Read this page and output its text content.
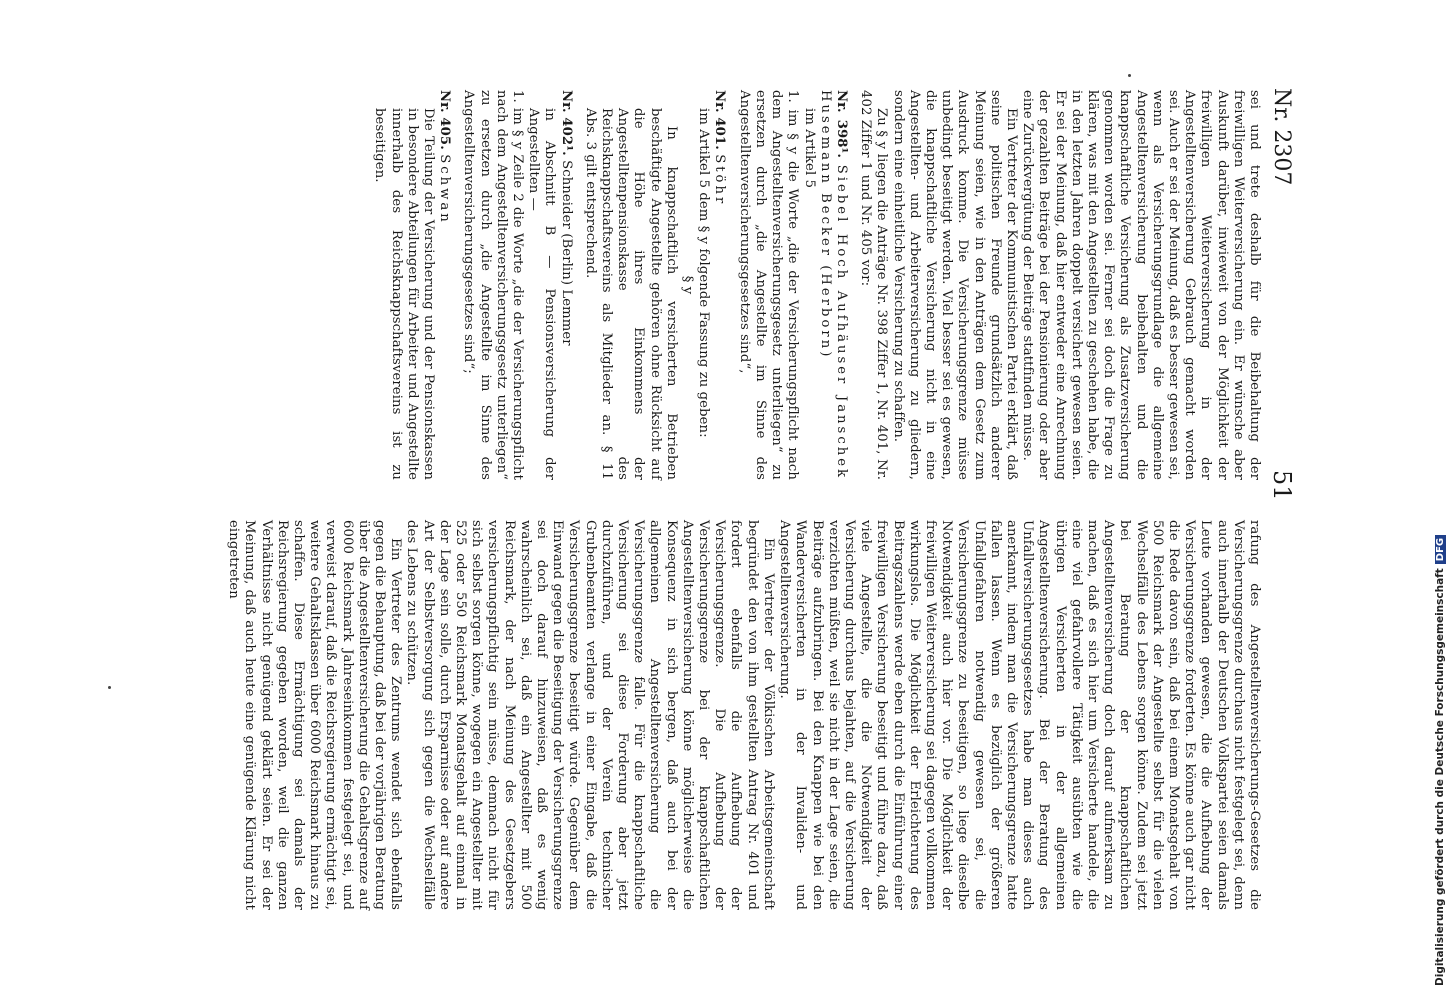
Nr. 2307
51

sei und trete deshalb für die Beibehaltung der freiwilligen Weiterversicherung ein. Er wünsche aber Auskunft darüber, inwieweit von der Möglichkeit der freiwilligen Weiterversicherung in der Angestelltenversicherung Gebrauch gemacht worden sei. Auch er sei der Meinung, daß es besser gewesen sei, wenn als Versicherungsgrundlage die allgemeine Angestelltenversicherung beibehalten und die knappschaftliche Versicherung als Zusatzversicherung genommen worden sei. Ferner sei doch die Frage zu klären, was mit den Angestellten zu geschehen habe, die in den letzten Jahren doppelt versichert gewesen seien. Er sei der Meinung, daß hier entweder eine Anrechnung der gezahlten Beiträge bei der Pensionierung oder aber eine Zurückvergütung der Beiträge stattfinden müsse.

Ein Vertreter der Kommunistischen Partei erklärt, daß seine politischen Freunde grundsätzlich anderer Meinung seien, wie in den Anträgen dem Gesetz zum Ausdruck komme. Die Versicherungsgrenze müsse unbedingt beseitigt werden. Viel besser sei es gewesen, die knappschaftliche Versicherung nicht in eine Angestellten- und Arbeiterversicherung zu gliedern, sondern eine einheitliche Versicherung zu schaffen.

Zu § y liegen die Anträge Nr. 398 Ziffer 1, Nr. 401, Nr. 402 Ziffer 1 und Nr. 405 vor:

Nr. 398¹. Siebel Hoch Aufhäuser Janschek Husemann Becker (Herborn)

im Artikel 5

1. im § y die Worte „die der Versicherungspflicht nach dem Angestelltenversicherungsgesetz unterliegen“ zu ersetzen durch „die Angestellte im Sinne des Angestelltenversicherungsgesetzes sind“,

Nr. 401. Stöhr

im Artikel 5 dem § y folgende Fassung zu geben:

§ y

In knappschaftlich versicherten Betrieben beschäftigte Angestellte gehören ohne Rücksicht auf die Höhe ihres Einkommens der Angestelltenpensionskasse des Reichsknappschaftsvereins als Mitglieder an. § 11 Abs. 3 gilt entsprechend.

Nr. 402¹. Schneider (Berlin) Lemmer

in Abschnitt B — Pensionsversicherung der Angestellten —

1. im § y Zeile 2 die Worte „die der Versicherungspflicht nach dem Angestelltenversicherungsgesetz unterliegen“ zu ersetzen durch „die Angestellte im Sinne des Angestelltenversicherungsgesetzes sind“;

Nr. 405. Schwan

Die Teilung der Versicherung und der Pensionskassen in besondere Abteilungen für Arbeiter und Angestellte innerhalb des Reichsknappschaftsvereins ist zu beseitigen.

rafung des Angestelltenversicherungs-Gesetzes die Versicherungsgrenze durchaus nicht festgelegt sei, denn auch innerhalb der Deutschen Volkspartei seien damals Leute vorhanden gewesen, die die Aufhebung der Versicherungsgrenze forderten. Es könne auch gar nicht die Rede davon sein, daß bei einem Monatsgehalt von 500 Reichsmark der Angestellte selbst für die vielen Wechselfälle des Lebens sorgen könne. Zudem sei jetzt bei Beratung der knappschaftlichen Angestelltenversicherung doch darauf aufmerksam zu machen, daß es sich hier um Versicherte handele, die eine viel gefahrvollere Tätigkeit ausübten wie die übrigen Versicherten in der allgemeinen Angestelltenversicherung. Bei der Beratung des Unfallversicherungsgesetzes habe man dieses auch anerkannt, indem man die Versicherungsgrenze hatte fallen lassen. Wenn es bezüglich der größeren Unfallgefahren notwendig gewesen sei, die Versicherungsgrenze zu beseitigen, so liege dieselbe Notwendigkeit auch hier vor. Die Möglichkeit der freiwilligen Weiterversicherung sei dagegen vollkommen wirkungslos. Die Möglichkeit der Erleichterung des Beitragszahlens werde eben durch die Einführung einer freiwilligen Versicherung beseitigt und führe dazu, daß viele Angestellte, die die Notwendigkeit der Versicherung durchaus bejahten, auf die Versicherung verzichten müßten, weil sie nicht in der Lage seien, die Beiträge aufzubringen. Bei den Knappen wie bei den Wanderversicherten in der Invaliden- und Angestelltenversicherung.

Ein Vertreter der Völkischen Arbeitsgemeinschaft begründet den von ihm gestellten Antrag Nr. 401 und fordert ebenfalls die Aufhebung der Versicherungsgrenze. Die Aufhebung der Versicherungsgrenze bei der knappschaftlichen Angestelltenversicherung könne möglicherweise die Konsequenz in sich bergen, daß auch bei der allgemeinen Angestelltenversicherung die Versicherungsgrenze falle. Für die knappschaftliche Versicherung sei diese Forderung aber jetzt durchzuführen, und der Verein technischer Grubenbeamten verlange in einer Eingabe, daß die Versicherungsgrenze beseitigt würde. Gegenüber dem Einwand gegen die Beseitigung der Versicherungsgrenze sei doch darauf hinzuweisen, daß es wenig wahrscheinlich sei, daß ein Angestellter mit 500 Reichsmark, der nach Meinung des Gesetzgebers versicherungspflichtig sein müsse, demnach nicht für sich selbst sorgen könne, wogegen ein Angestellter mit 525 oder 550 Reichsmark Monatsgehalt auf einmal in der Lage sein solle, durch Ersparnisse oder auf andere Art der Selbstversorgung sich gegen die Wechselfälle des Lebens zu schützen.

Ein Vertreter des Zentrums wendet sich ebenfalls gegen die Behauptung, daß bei der vorjährigen Beratung über die Angestelltenversicherung die Gehaltsgrenze auf 6000 Reichsmark Jahreseinkommen festgelegt sei, und verweist darauf, daß die Reichsregierung ermächtigt sei, weitere Gehaltsklassen über 6000 Reichsmark hinaus zu schaffen. Diese Ermächtigung sei damals der Reichsregierung gegeben worden, weil die ganzen Verhältnisse nicht genügend geklärt seien. Er sei der Meinung, daß auch heute eine genügende Klärung nicht eingetreten

Digitalisierung gefördert durch die Deutsche ForschungsgemeinschaftDFG
